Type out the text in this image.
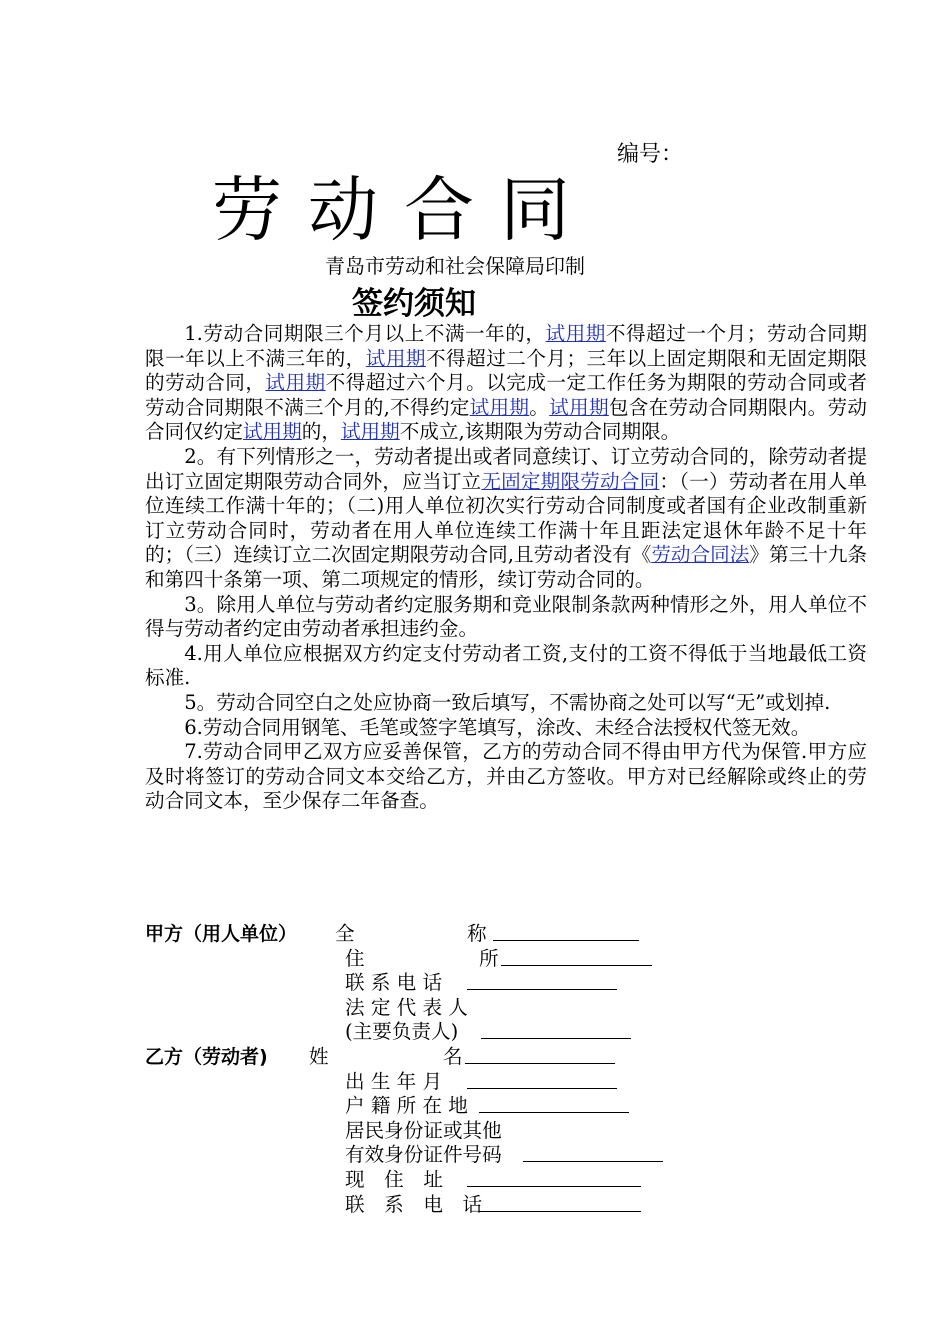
编号：
劳动合同
青岛市劳动和社会保障局印制
签约须知

1.劳动合同期限三个月以上不满一年的，试用期不得超过一个月；劳动合同期限一年以上不满三年的，试用期不得超过二个月；三年以上固定期限和无固定期限的劳动合同，试用期不得超过六个月。以完成一定工作任务为期限的劳动合同或者劳动合同期限不满三个月的,不得约定试用期。试用期包含在劳动合同期限内。劳动合同仅约定试用期的，试用期不成立,该期限为劳动合同期限。

2。有下列情形之一，劳动者提出或者同意续订、订立劳动合同的，除劳动者提出订立固定期限劳动合同外，应当订立无固定期限劳动合同：（一）劳动者在用人单位连续工作满十年的；（二)用人单位初次实行劳动合同制度或者国有企业改制重新订立劳动合同时，劳动者在用人单位连续工作满十年且距法定退休年龄不足十年的；（三）连续订立二次固定期限劳动合同,且劳动者没有《劳动合同法》第三十九条和第四十条第一项、第二项规定的情形，续订劳动合同的。

3。除用人单位与劳动者约定服务期和竞业限制条款两种情形之外，用人单位不得与劳动者约定由劳动者承担违约金。

4.用人单位应根据双方约定支付劳动者工资,支付的工资不得低于当地最低工资标准.

5。劳动合同空白之处应协商一致后填写，不需协商之处可以写“无”或划掉.

6.劳动合同用钢笔、毛笔或签字笔填写，涂改、未经合法授权代签无效。

7.劳动合同甲乙双方应妥善保管，乙方的劳动合同不得由甲方代为保管.甲方应及时将签订的劳动合同文本交给乙方，并由乙方签收。甲方对已经解除或终止的劳动合同文本，至少保存二年备查。

甲方（用人单位） 全	称
住	所
联 系 电 话
法 定 代 表 人
(主要负责人)
乙方（劳动者) 姓	名
出 生 年 月
户 籍 所 在 地
居民身份证或其他
有效身份证件号码
现　住　址
联　系　电　话
